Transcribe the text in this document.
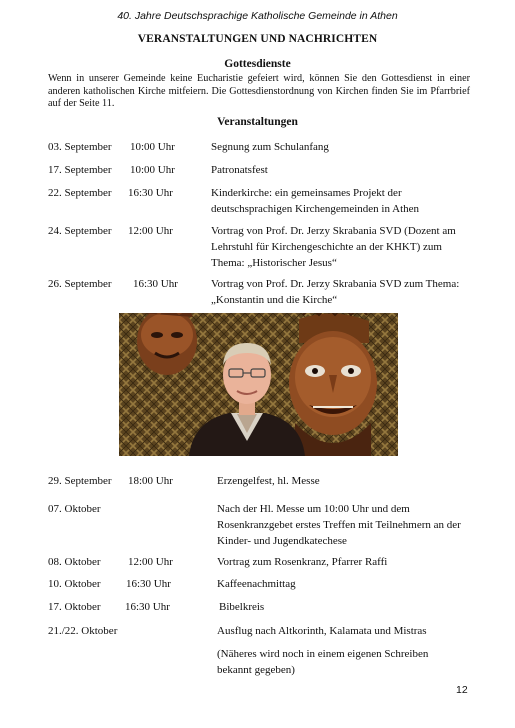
40. Jahre Deutschsprachige Katholische Gemeinde in Athen
VERANSTALTUNGEN UND NACHRICHTEN
Gottesdienste
Wenn in unserer Gemeinde keine Eucharistie gefeiert wird, können Sie den Gottesdienst in einer anderen katholischen Kirche mitfeiern. Die Gottesdienstordnung von Kirchen finden Sie im Pfarrbrief auf der Seite 11.
Veranstaltungen
03. September 10:00 Uhr	Segnung zum Schulanfang
17. September 10:00 Uhr	Patronatsfest
22. September 16:30 Uhr	Kinderkirche: ein gemeinsames Projekt der deutschsprachigen Kirchengemeinden in Athen
24. September 12:00 Uhr	Vortrag von Prof. Dr. Jerzy Skrabania SVD (Dozent am Lehrstuhl für Kirchengeschichte an der KHKT) zum Thema: „Historischer Jesus“
26. September 16:30 Uhr	Vortrag von Prof. Dr. Jerzy Skrabania SVD zum Thema: „Konstantin und die Kirche“
29. September 18:00 Uhr	Erzengelfest, hl. Messe
07. Oktober	Nach der Hl. Messe um 10:00 Uhr und dem Rosenkranzgebet erstes Treffen mit Teilnehmern an der Kinder- und Jugendkatechese
08. Oktober 12:00 Uhr	Vortrag zum Rosenkranz, Pfarrer Raffi
10. Oktober 16:30 Uhr	Kaffeenachmittag
17. Oktober 16:30 Uhr	Bibelkreis
21./22. Oktober	Ausflug nach Altkorinth, Kalamata und Mistras
(Näheres wird noch in einem eigenen Schreiben bekannt gegeben)
12
